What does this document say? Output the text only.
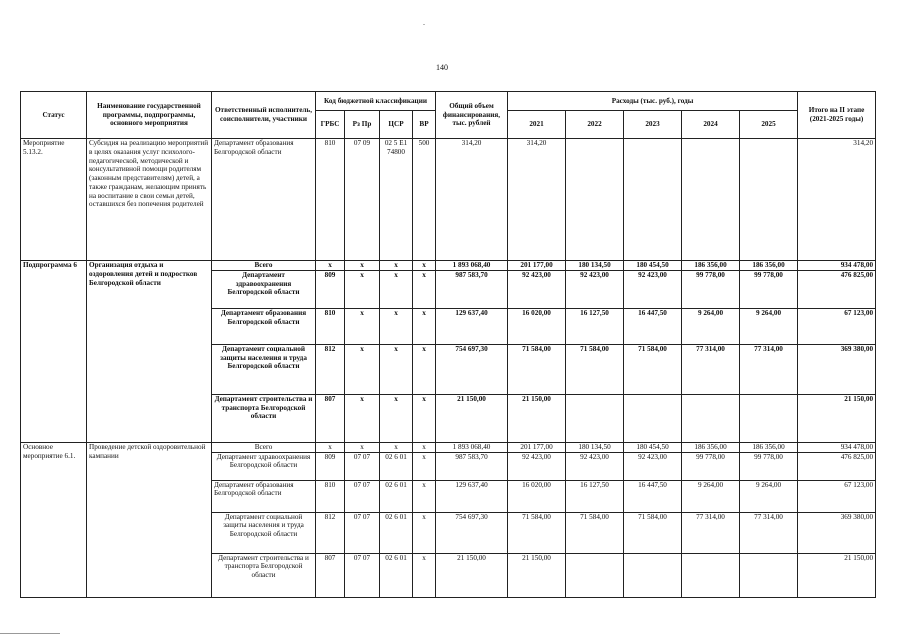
.
140
Статус	Наименование государственной программы, подпрограммы, основного мероприятия	Ответственный исполнитель, соисполнители, участники	Код бюджетной классификации				Общий объем финансирования, тыс. рублей	Расходы (тыс. руб.), годы					Итого на II этапе (2021-2025 годы)
			ГРБС	Рз Пр	ЦСР	ВР		2021	2022	2023	2024	2025	
Мероприятие 5.13.2.	Субсидия на реализацию мероприятий в целях оказания услуг психолого-педагогической, методической и консультативной помощи родителям (законным представителям) детей, а также гражданам, желающим принять на воспитание в свои семьи детей, оставшихся без попечения родителей	Департамент образования Белгородской области	810	07 09	02 5 Е1 74800	500	314,20	314,20					314,20
Подпрограмма 6	Организация отдыха и оздоровления детей и подростков Белгородской области	Всего	х	х	х	х	1 893 068,40	201 177,00	180 134,50	180 454,50	186 356,00	186 356,00	934 478,00
		Департамент здравоохранения Белгородской области	809	х	х	х	987 583,70	92 423,00	92 423,00	92 423,00	99 778,00	99 778,00	476 825,00
		Департамент образования Белгородской области	810	х	х	х	129 637,40	16 020,00	16 127,50	16 447,50	9 264,00	9 264,00	67 123,00
		Департамент социальной защиты населения и труда Белгородской области	812	х	х	х	754 697,30	71 584,00	71 584,00	71 584,00	77 314,00	77 314,00	369 380,00
		Департамент строительства и транспорта Белгородской области	807	х	х	х	21 150,00	21 150,00					21 150,00
Основное мероприятие 6.1.	Проведение детской оздоровительной кампании	Всего	х	х	х	х	1 893 068,40	201 177,00	180 134,50	180 454,50	186 356,00	186 356,00	934 478,00
		Департамент здравоохранения Белгородской области	809	07 07	02 6 01	х	987 583,70	92 423,00	92 423,00	92 423,00	99 778,00	99 778,00	476 825,00
		Департамент образования Белгородской области	810	07 07	02 6 01	х	129 637,40	16 020,00	16 127,50	16 447,50	9 264,00	9 264,00	67 123,00
		Департамент социальной защиты населения и труда Белгородской области	812	07 07	02 6 01	х	754 697,30	71 584,00	71 584,00	71 584,00	77 314,00	77 314,00	369 380,00
		Департамент строительства и транспорта Белгородской области	807	07 07	02 6 01	х	21 150,00	21 150,00					21 150,00
